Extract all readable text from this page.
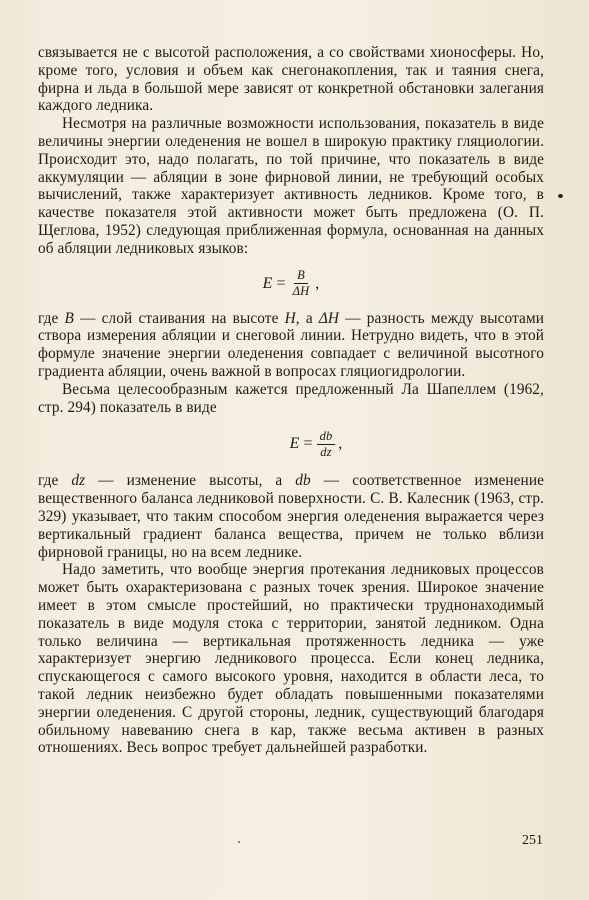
связывается не с высотой расположения, а со свойствами хионосферы. Но, кроме того, условия и объем как снегонакопления, так и таяния снега, фирна и льда в большой мере зависят от конкретной обстановки залегания каждого ледника.

Несмотря на различные возможности использования, показатель в виде величины энергии оледенения не вошел в широкую практику гляциологии. Происходит это, надо полагать, по той причине, что показатель в виде аккумуляции — абляции в зоне фирновой линии, не требующий особых вычислений, также характеризует активность ледников. Кроме того, в качестве показателя этой активности может быть предложена (О. П. Щеглова, 1952) следующая приближенная формула, основанная на данных об абляции ледниковых языков:

$E = \frac{B}{\Delta H}$ ,

где B — слой стаивания на высоте H, а ΔH — разность между высотами створа измерения абляции и снеговой линии. Нетрудно видеть, что в этой формуле значение энергии оледенения совпадает с величиной высотного градиента абляции, очень важной в вопросах гляциогидрологии.

Весьма целесообразным кажется предложенный Ла Шапеллем (1962, стр. 294) показатель в виде

$E = \frac{db}{dz}$ ,

где dz — изменение высоты, а db — соответственное изменение вещественного баланса ледниковой поверхности. С. В. Калесник (1963, стр. 329) указывает, что таким способом энергия оледенения выражается через вертикальный градиент баланса вещества, причем не только вблизи фирновой границы, но на всем леднике.

Надо заметить, что вообще энергия протекания ледниковых процессов может быть охарактеризована с разных точек зрения. Широкое значение имеет в этом смысле простейший, но практически труднонаходимый показатель в виде модуля стока с территории, занятой ледником. Одна только величина — вертикальная протяженность ледника — уже характеризует энергию ледникового процесса. Если конец ледника, спускающегося с самого высокого уровня, находится в области леса, то такой ледник неизбежно будет обладать повышенными показателями энергии оледенения. С другой стороны, ледник, существующий благодаря обильному навеванию снега в кар, также весьма активен в разных отношениях. Весь вопрос требует дальнейшей разработки.

251
